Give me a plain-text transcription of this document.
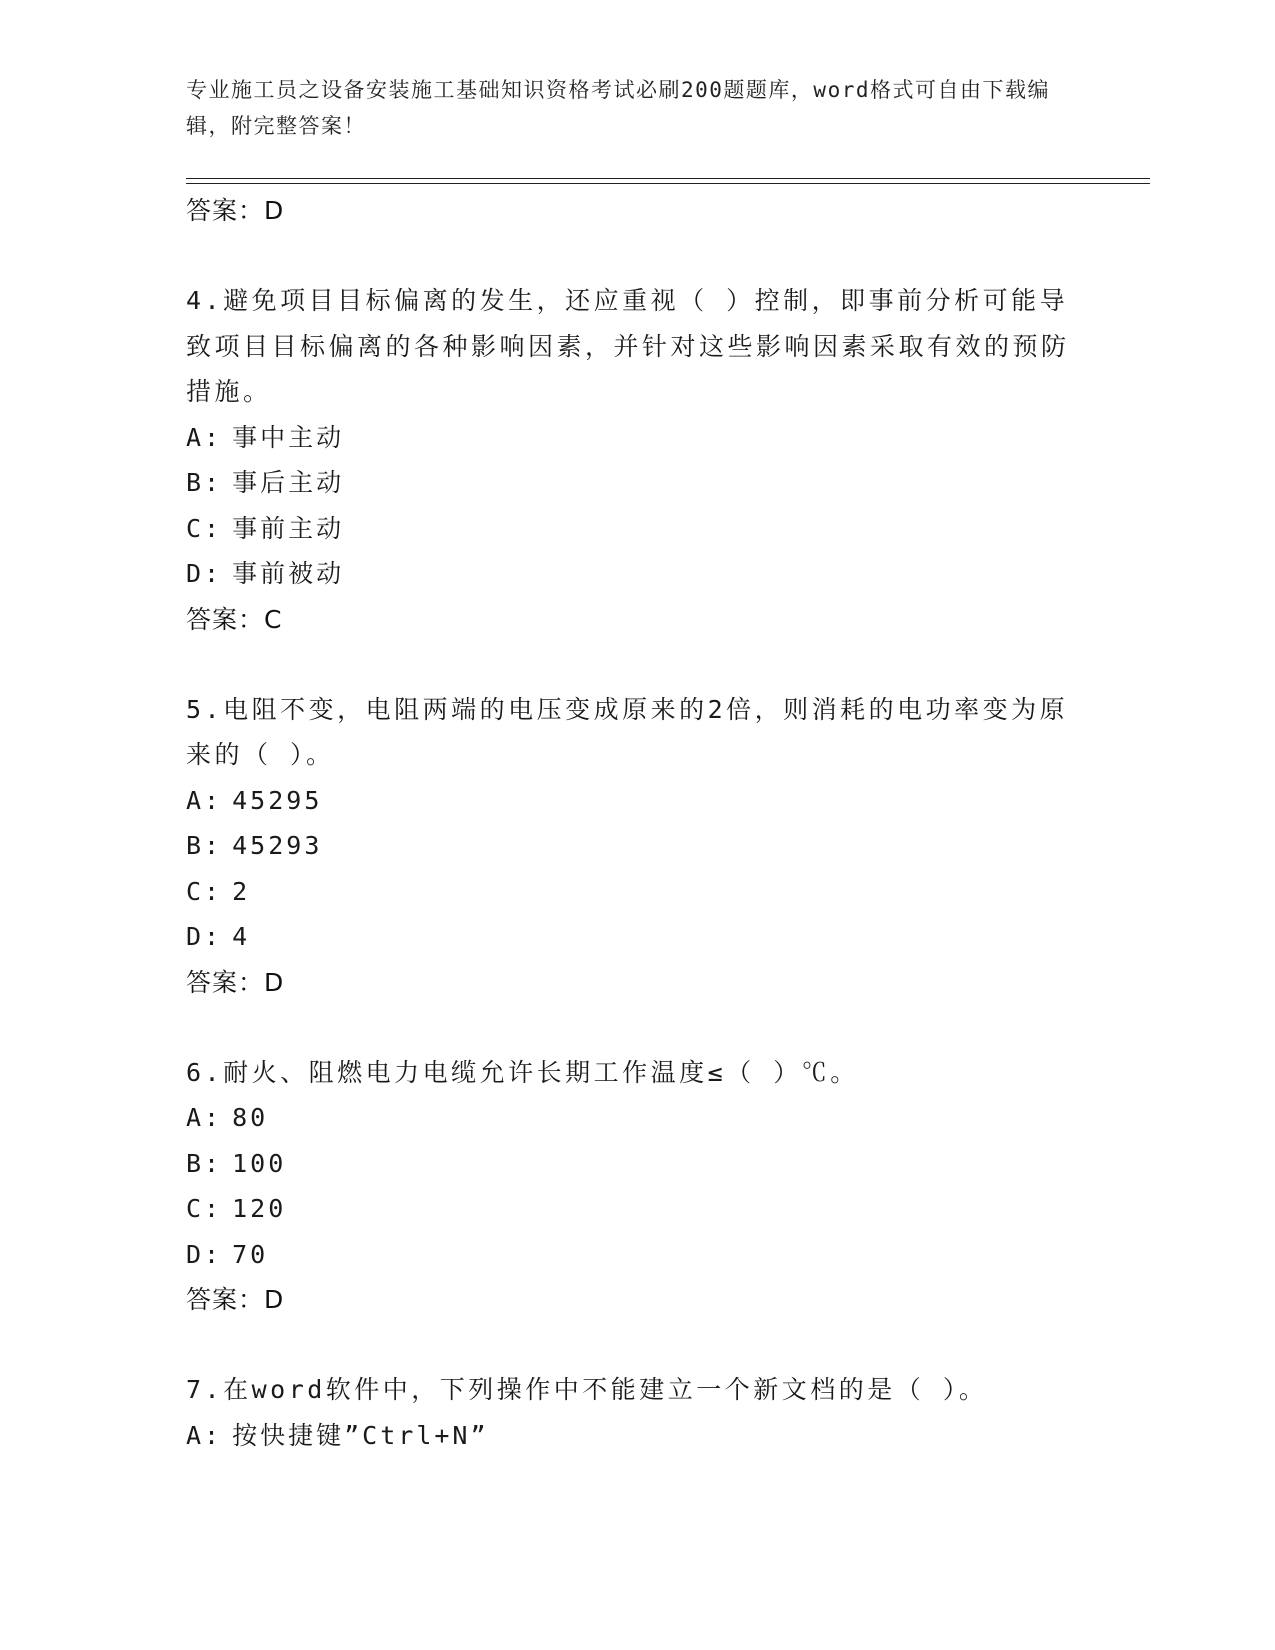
专业施工员之设备安装施工基础知识资格考试必刷200题题库，word格式可自由下载编辑，附完整答案！
答案：D

4.避免项目目标偏离的发生，还应重视（ ）控制，即事前分析可能导致项目目标偏离的各种影响因素，并针对这些影响因素采取有效的预防措施。

A: 事中主动
B: 事后主动
C: 事前主动
D: 事前被动
答案：C

5.电阻不变，电阻两端的电压变成原来的2倍，则消耗的电功率变为原来的（ ）。

A: 45295
B: 45293
C: 2
D: 4
答案：D

6.耐火、阻燃电力电缆允许长期工作温度≤（ ）℃。

A: 80
B: 100
C: 120
D: 70
答案：D

7.在word软件中，下列操作中不能建立一个新文档的是（ ）。

A: 按快捷键”Ctrl+N”
